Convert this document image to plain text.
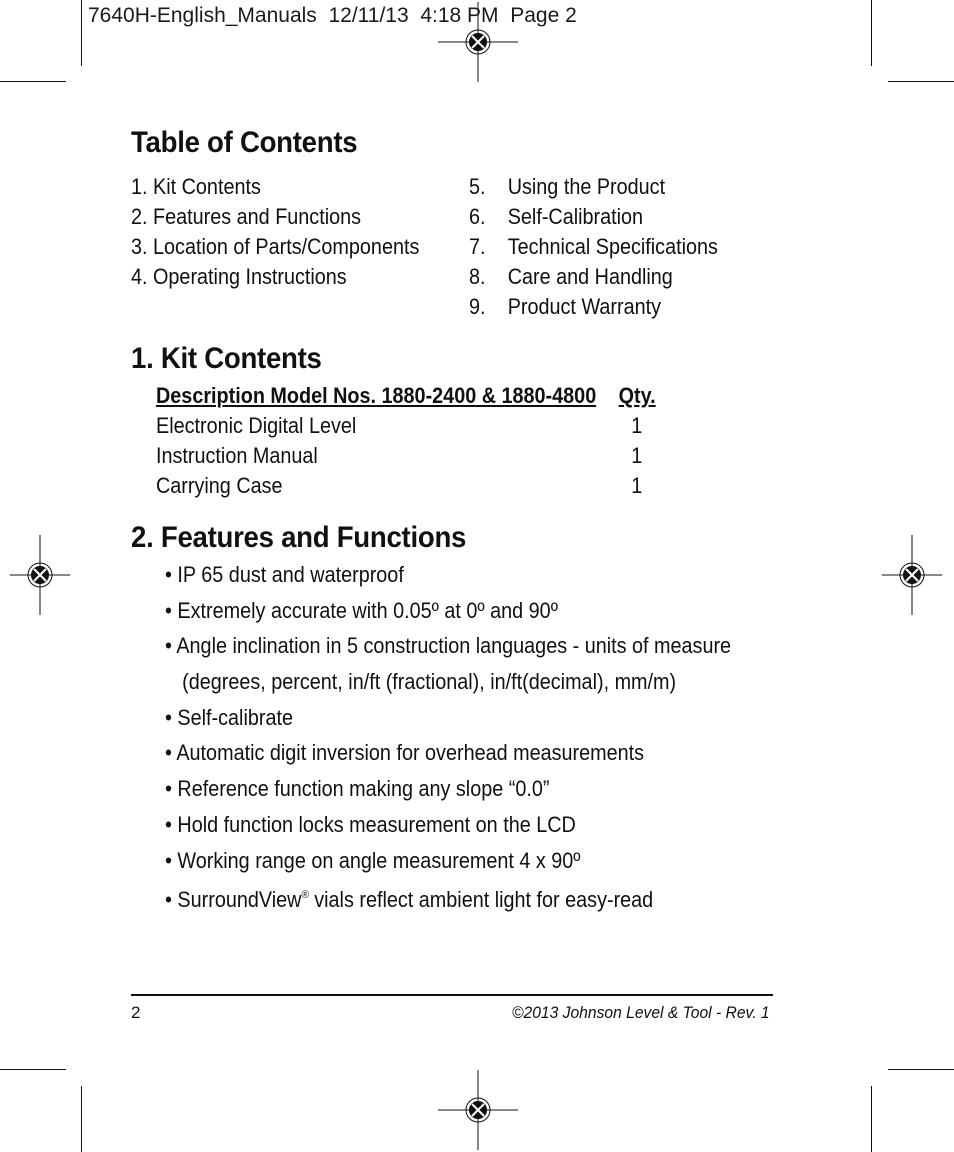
7640H-English_Manuals  12/11/13  4:18 PM  Page 2
Table of Contents
1. Kit Contents
2. Features and Functions
3. Location of Parts/Components
4. Operating Instructions
5. Using the Product
6. Self-Calibration
7. Technical Specifications
8. Care and Handling
9. Product Warranty
1. Kit Contents
Description Model Nos. 1880-2400 & 1880-4800 Qty.
Electronic Digital Level	1
Instruction Manual	1
Carrying Case	1
2. Features and Functions
• IP 65 dust and waterproof
• Extremely accurate with 0.05º at 0º and 90º
• Angle inclination in 5 construction languages - units of measure
(degrees, percent, in/ft (fractional), in/ft(decimal), mm/m)
• Self-calibrate
• Automatic digit inversion for overhead measurements
• Reference function making any slope “0.0”
• Hold function locks measurement on the LCD
• Working range on angle measurement 4 x 90º
• SurroundView® vials reflect ambient light for easy-read
2	©2013 Johnson Level & Tool - Rev. 1
